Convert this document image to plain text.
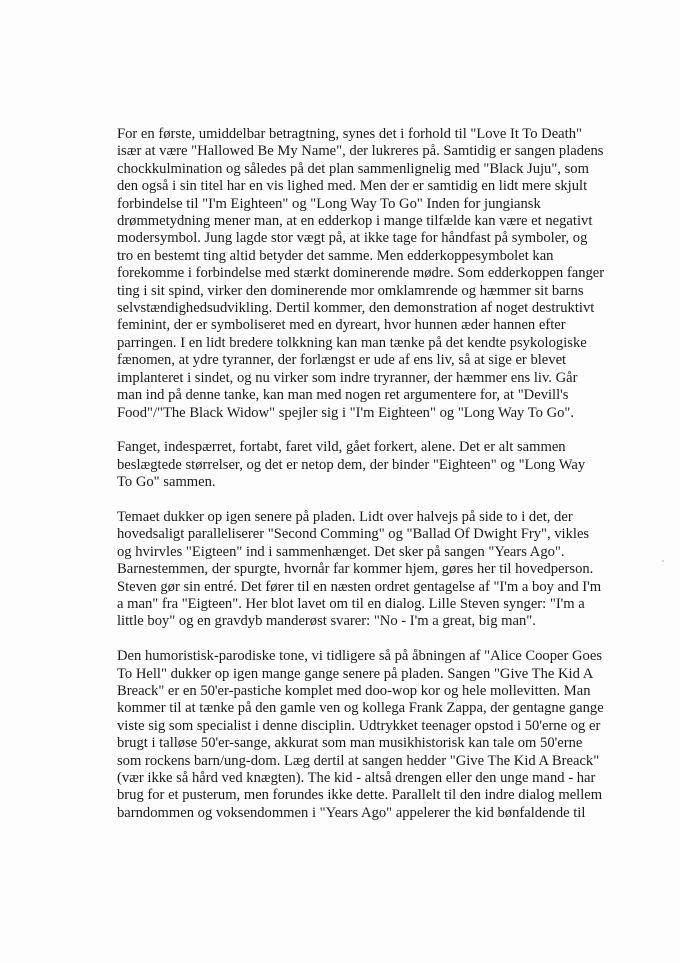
For en første, umiddelbar betragtning, synes det i forhold til "Love It To Death"
især at være "Hallowed Be My Name", der lukreres på. Samtidig er sangen pladens
chockkulmination og således på det plan sammenlignelig med "Black Juju", som
den også i sin titel har en vis lighed med. Men der er samtidig en lidt mere skjult
forbindelse til "I'm Eighteen" og "Long Way To Go" Inden for jungiansk
drømmetydning mener man, at en edderkop i mange tilfælde kan være et negativt
modersymbol. Jung lagde stor vægt på, at ikke tage for håndfast på symboler, og
tro en bestemt ting altid betyder det samme. Men edderkoppesymbolet kan
forekomme i forbindelse med stærkt dominerende mødre. Som edderkoppen fanger
ting i sit spind, virker den dominerende mor omklamrende og hæmmer sit barns
selvstændighedsudvikling. Dertil kommer, den demonstration af noget destruktivt
feminint, der er symboliseret med en dyreart, hvor hunnen æder hannen efter
parringen. I en lidt bredere tolkkning kan man tænke på det kendte psykologiske
fænomen, at ydre tyranner, der forlængst er ude af ens liv, så at sige er blevet
implanteret i sindet, og nu virker som indre tryranner, der hæmmer ens liv. Går
man ind på denne tanke, kan man med nogen ret argumentere for, at "Devill's
Food"/"The Black Widow" spejler sig i "I'm Eighteen" og "Long Way To Go".

Fanget, indespærret, fortabt, faret vild, gået forkert, alene. Det er alt sammen
beslægtede størrelser, og det er netop dem, der binder "Eighteen" og "Long Way
To Go" sammen.

Temaet dukker op igen senere på pladen. Lidt over halvejs på side to i det, der
hovedsaligt paralleliserer "Second Comming" og "Ballad Of Dwight Fry", vikles
og hvirvles "Eigteen" ind i sammenhænget. Det sker på sangen "Years Ago".
Barnestemmen, der spurgte, hvornår far kommer hjem, gøres her til hovedperson.
Steven gør sin entré. Det fører til en næsten ordret gentagelse af "I'm a boy and I'm
a man" fra "Eigteen". Her blot lavet om til en dialog. Lille Steven synger: "I'm a
little boy" og en gravdyb manderøst svarer: "No - I'm a great, big man".

Den humoristisk-parodiske tone, vi tidligere så på åbningen af "Alice Cooper Goes
To Hell" dukker op igen mange gange senere på pladen. Sangen "Give The Kid A
Breack" er en 50'er-pastiche komplet med doo-wop kor og hele mollevitten. Man
kommer til at tænke på den gamle ven og kollega Frank Zappa, der gentagne gange
viste sig som specialist i denne disciplin. Udtrykket teenager opstod i 50'erne og er
brugt i talløse 50'er-sange, akkurat som man musikhistorisk kan tale om 50'erne
som rockens barn/ung-dom. Læg dertil at sangen hedder "Give The Kid A Breack"
(vær ikke så hård ved knægten). The kid - altså drengen eller den unge mand - har
brug for et pusterum, men forundes ikke dette. Parallelt til den indre dialog mellem
barndommen og voksendommen i "Years Ago" appelerer the kid bønfaldende til
